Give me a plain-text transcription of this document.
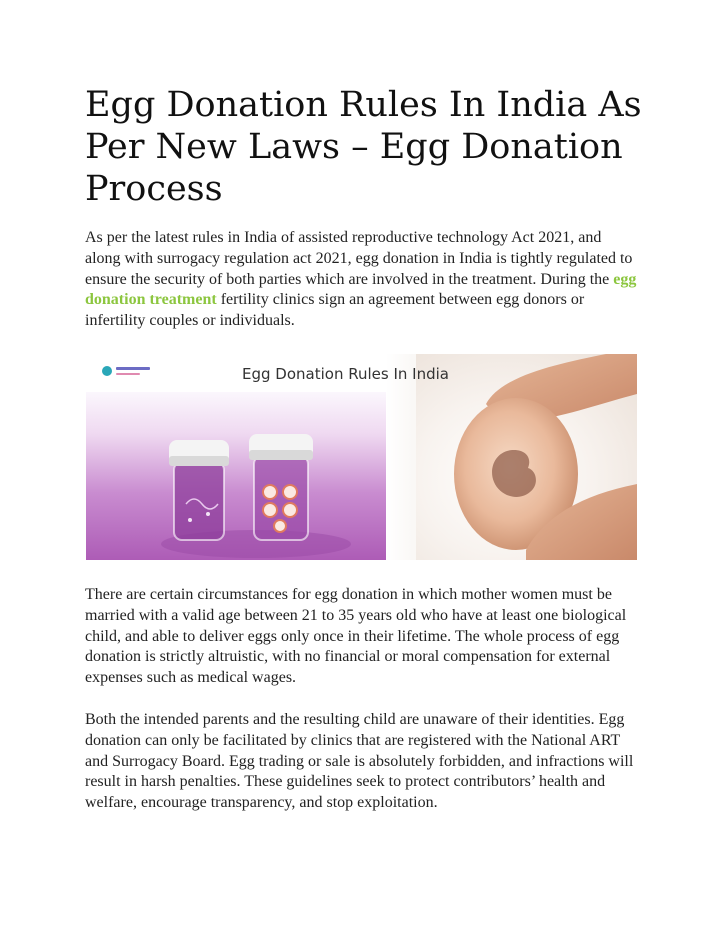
Egg Donation Rules In India As Per New Laws – Egg Donation Process

As per the latest rules in India of assisted reproductive technology Act 2021, and along with surrogacy regulation act 2021, egg donation in India is tightly regulated to ensure the security of both parties which are involved in the treatment. During the egg donation treatment fertility clinics sign an agreement between egg donors or infertility couples or individuals.

There are certain circumstances for egg donation in which mother women must be married with a valid age between 21 to 35 years old who have at least one biological child, and able to deliver eggs only once in their lifetime. The whole process of egg donation is strictly altruistic, with no financial or moral compensation for external expenses such as medical wages.

Both the intended parents and the resulting child are unaware of their identities. Egg donation can only be facilitated by clinics that are registered with the National ART and Surrogacy Board. Egg trading or sale is absolutely forbidden, and infractions will result in harsh penalties. These guidelines seek to protect contributors’ health and welfare, encourage transparency, and stop exploitation.

Egg Donation Rules In India
